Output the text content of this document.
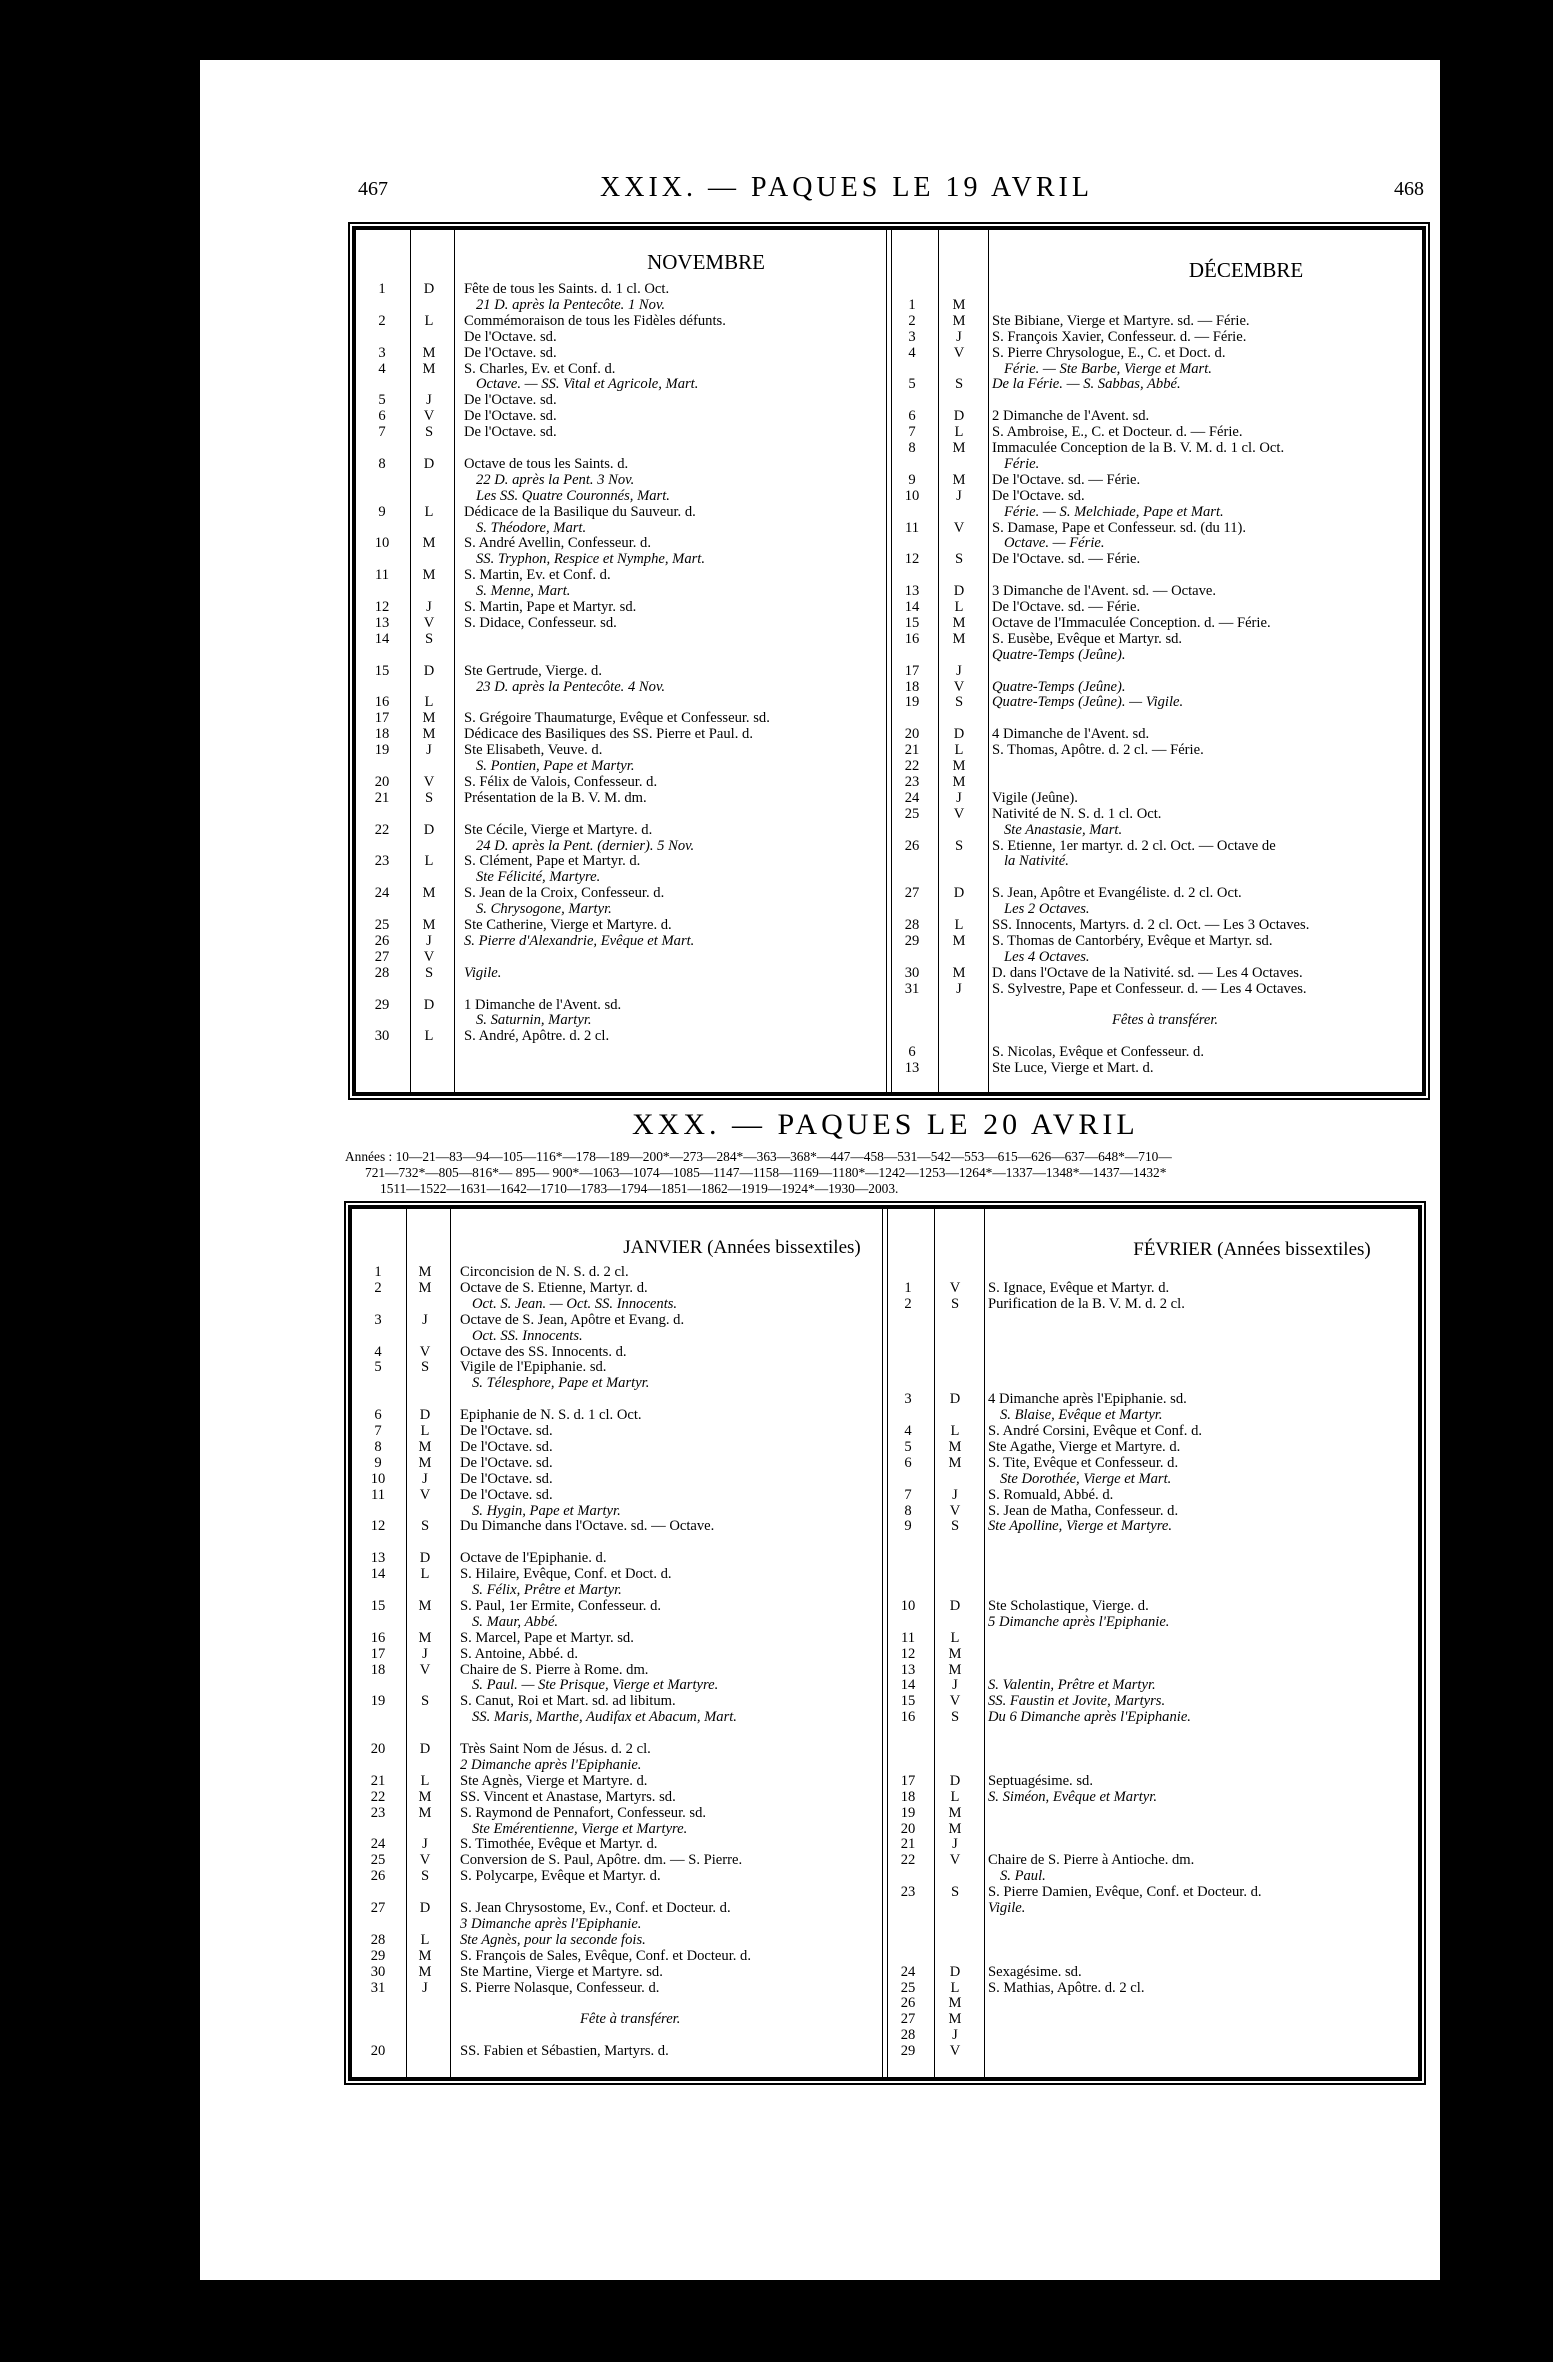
467	468
XXIX. — PAQUES LE 19 AVRIL
NOVEMBRE	DÉCEMBRE
1	D	Fête de tous les Saints. d. 1 cl. Oct.
21 D. après la Pentecôte. 1 Nov.
2	L	Commémoraison de tous les Fidèles défunts.
De l'Octave. sd.
3	M	De l'Octave. sd.
4	M	S. Charles, Ev. et Conf. d.
Octave. — SS. Vital et Agricole, Mart.
5	J	De l'Octave. sd.
6	V	De l'Octave. sd.
7	S	De l'Octave. sd.
8	D	Octave de tous les Saints. d.
22 D. après la Pent. 3 Nov.
Les SS. Quatre Couronnés, Mart.
9	L	Dédicace de la Basilique du Sauveur. d.
S. Théodore, Mart.
10	M	S. André Avellin, Confesseur. d.
SS. Tryphon, Respice et Nymphe, Mart.
11	M	S. Martin, Ev. et Conf. d.
S. Menne, Mart.
12	J	S. Martin, Pape et Martyr. sd.
13	V	S. Didace, Confesseur. sd.
14	S
15	D	Ste Gertrude, Vierge. d.
23 D. après la Pentecôte. 4 Nov.
16	L
17	M	S. Grégoire Thaumaturge, Evêque et Confesseur. sd.
18	M	Dédicace des Basiliques des SS. Pierre et Paul. d.
19	J	Ste Elisabeth, Veuve. d.
S. Pontien, Pape et Martyr.
20	V	S. Félix de Valois, Confesseur. d.
21	S	Présentation de la B. V. M. dm.
22	D	Ste Cécile, Vierge et Martyre. d.
24 D. après la Pent. (dernier). 5 Nov.
23	L	S. Clément, Pape et Martyr. d.
Ste Félicité, Martyre.
24	M	S. Jean de la Croix, Confesseur. d.
S. Chrysogone, Martyr.
25	M	Ste Catherine, Vierge et Martyre. d.
26	J	S. Pierre d'Alexandrie, Evêque et Mart.
27	V
28	S	Vigile.
29	D	1 Dimanche de l'Avent. sd.
S. Saturnin, Martyr.
30	L	S. André, Apôtre. d. 2 cl.
1	M
2	M	Ste Bibiane, Vierge et Martyre. sd. — Férie.
3	J	S. François Xavier, Confesseur. d. — Férie.
4	V	S. Pierre Chrysologue, E., C. et Doct. d.
Férie. — Ste Barbe, Vierge et Mart.
5	S	De la Férie. — S. Sabbas, Abbé.
6	D	2 Dimanche de l'Avent. sd.
7	L	S. Ambroise, E., C. et Docteur. d. — Férie.
8	M	Immaculée Conception de la B. V. M. d. 1 cl. Oct.
Férie.
9	M	De l'Octave. sd. — Férie.
10	J	De l'Octave. sd.
Férie. — S. Melchiade, Pape et Mart.
11	V	S. Damase, Pape et Confesseur. sd. (du 11).
Octave. — Férie.
12	S	De l'Octave. sd. — Férie.
13	D	3 Dimanche de l'Avent. sd. — Octave.
14	L	De l'Octave. sd. — Férie.
15	M	Octave de l'Immaculée Conception. d. — Férie.
16	M	S. Eusèbe, Evêque et Martyr. sd.
Quatre-Temps (Jeûne).
17	J
18	V	Quatre-Temps (Jeûne).
19	S	Quatre-Temps (Jeûne). — Vigile.
20	D	4 Dimanche de l'Avent. sd.
21	L	S. Thomas, Apôtre. d. 2 cl. — Férie.
22	M
23	M
24	J	Vigile (Jeûne).
25	V	Nativité de N. S. d. 1 cl. Oct.
Ste Anastasie, Mart.
26	S	S. Etienne, 1er martyr. d. 2 cl. Oct. — Octave de
la Nativité.
27	D	S. Jean, Apôtre et Evangéliste. d. 2 cl. Oct.
Les 2 Octaves.
28	L	SS. Innocents, Martyrs. d. 2 cl. Oct. — Les 3 Octaves.
29	M	S. Thomas de Cantorbéry, Evêque et Martyr. sd.
Les 4 Octaves.
30	M	D. dans l'Octave de la Nativité. sd. — Les 4 Octaves.
31	J	S. Sylvestre, Pape et Confesseur. d. — Les 4 Octaves.
Fêtes à transférer.
6	S. Nicolas, Evêque et Confesseur. d.
13	Ste Luce, Vierge et Mart. d.
XXX. — PAQUES LE 20 AVRIL
Années : 10—21—83—94—105—116*—178—189—200*—273—284*—363—368*—447—458—531—542—553—615—626—637—648*—710—
721—732*—805—816*— 895— 900*—1063—1074—1085—1147—1158—1169—1180*—1242—1253—1264*—1337—1348*—1437—1432*
1511—1522—1631—1642—1710—1783—1794—1851—1862—1919—1924*—1930—2003.
JANVIER (Années bissextiles)	FÉVRIER (Années bissextiles)
1	M	Circoncision de N. S. d. 2 cl.
2	M	Octave de S. Etienne, Martyr. d.
Oct. S. Jean. — Oct. SS. Innocents.
3	J	Octave de S. Jean, Apôtre et Evang. d.
Oct. SS. Innocents.
4	V	Octave des SS. Innocents. d.
5	S	Vigile de l'Epiphanie. sd.
S. Télesphore, Pape et Martyr.
6	D	Epiphanie de N. S. d. 1 cl. Oct.
7	L	De l'Octave. sd.
8	M	De l'Octave. sd.
9	M	De l'Octave. sd.
10	J	De l'Octave. sd.
11	V	De l'Octave. sd.
S. Hygin, Pape et Martyr.
12	S	Du Dimanche dans l'Octave. sd. — Octave.
13	D	Octave de l'Epiphanie. d.
14	L	S. Hilaire, Evêque, Conf. et Doct. d.
S. Félix, Prêtre et Martyr.
15	M	S. Paul, 1er Ermite, Confesseur. d.
S. Maur, Abbé.
16	M	S. Marcel, Pape et Martyr. sd.
17	J	S. Antoine, Abbé. d.
18	V	Chaire de S. Pierre à Rome. dm.
S. Paul. — Ste Prisque, Vierge et Martyre.
19	S	S. Canut, Roi et Mart. sd. ad libitum.
SS. Maris, Marthe, Audifax et Abacum, Mart.
20	D	Très Saint Nom de Jésus. d. 2 cl.
2 Dimanche après l'Epiphanie.
21	L	Ste Agnès, Vierge et Martyre. d.
22	M	SS. Vincent et Anastase, Martyrs. sd.
23	M	S. Raymond de Pennafort, Confesseur. sd.
Ste Emérentienne, Vierge et Martyre.
24	J	S. Timothée, Evêque et Martyr. d.
25	V	Conversion de S. Paul, Apôtre. dm. — S. Pierre.
26	S	S. Polycarpe, Evêque et Martyr. d.
27	D	S. Jean Chrysostome, Ev., Conf. et Docteur. d.
3 Dimanche après l'Epiphanie.
28	L	Ste Agnès, pour la seconde fois.
29	M	S. François de Sales, Evêque, Conf. et Docteur. d.
30	M	Ste Martine, Vierge et Martyre. sd.
31	J	S. Pierre Nolasque, Confesseur. d.
Fête à transférer.
20	SS. Fabien et Sébastien, Martyrs. d.
1	V	S. Ignace, Evêque et Martyr. d.
2	S	Purification de la B. V. M. d. 2 cl.
3	D	4 Dimanche après l'Epiphanie. sd.
S. Blaise, Evêque et Martyr.
4	L	S. André Corsini, Evêque et Conf. d.
5	M	Ste Agathe, Vierge et Martyre. d.
6	M	S. Tite, Evêque et Confesseur. d.
Ste Dorothée, Vierge et Mart.
7	J	S. Romuald, Abbé. d.
8	V	S. Jean de Matha, Confesseur. d.
9	S	Ste Apolline, Vierge et Martyre.
10	D	Ste Scholastique, Vierge. d.
5 Dimanche après l'Epiphanie.
11	L
12	M
13	M
14	J	S. Valentin, Prêtre et Martyr.
15	V	SS. Faustin et Jovite, Martyrs.
16	S	Du 6 Dimanche après l'Epiphanie.
17	D	Septuagésime. sd.
18	L	S. Siméon, Evêque et Martyr.
19	M
20	M
21	J
22	V	Chaire de S. Pierre à Antioche. dm.
S. Paul.
23	S	S. Pierre Damien, Evêque, Conf. et Docteur. d.
Vigile.
24	D	Sexagésime. sd.
25	L	S. Mathias, Apôtre. d. 2 cl.
26	M
27	M
28	J
29	V
